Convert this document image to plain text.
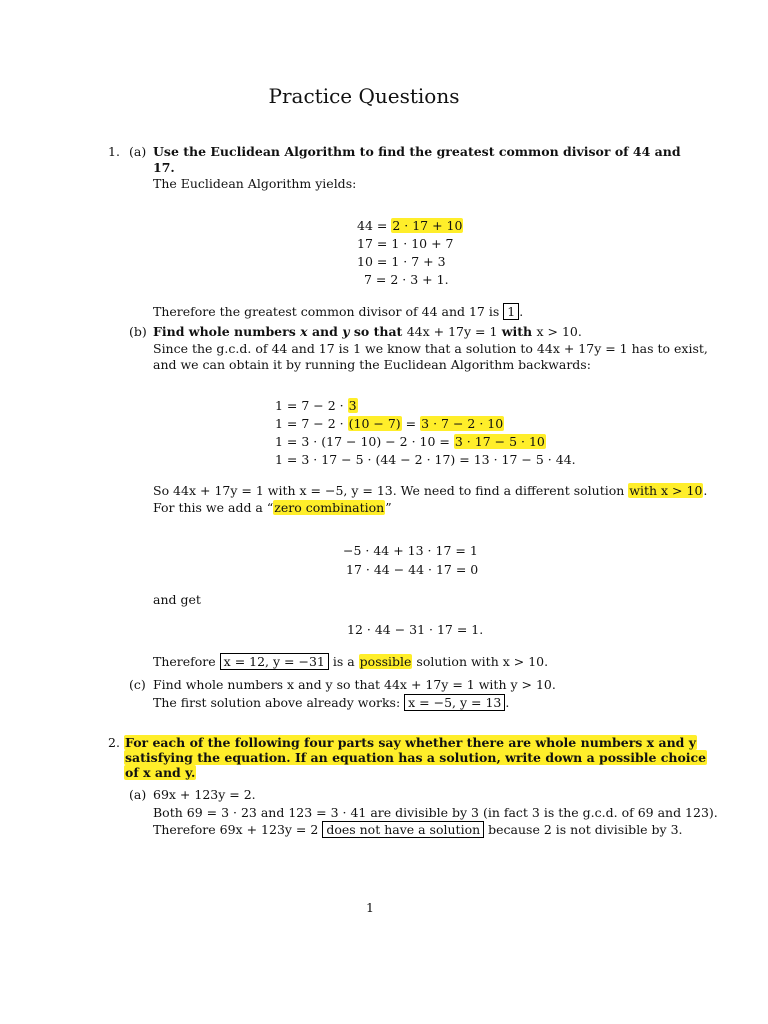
Practice Questions
1. (a) Use the Euclidean Algorithm to find the greatest common divisor of 44 and
17.
The Euclidean Algorithm yields:
44 = 2 · 17 + 10
17 = 1 · 10 + 7
10 = 1 · 7 + 3
7 = 2 · 3 + 1.
Therefore the greatest common divisor of 44 and 17 is 1 .
(b) Find whole numbers x and y so that 44x + 17y = 1 with x > 10.
Since the g.c.d. of 44 and 17 is 1 we know that a solution to 44x + 17y = 1 has to exist,
and we can obtain it by running the Euclidean Algorithm backwards:
1 = 7 − 2 · 3
1 = 7 − 2 · (10 − 7) = 3 · 7 − 2 · 10
1 = 3 · (17 − 10) − 2 · 10 = 3 · 17 − 5 · 10
1 = 3 · 17 − 5 · (44 − 2 · 17) = 13 · 17 − 5 · 44.
So 44x + 17y = 1 with x = −5, y = 13. We need to find a different solution with x > 10.
For this we add a “zero combination”
−5 · 44 + 13 · 17 = 1
17 · 44 − 44 · 17 = 0
and get
12 · 44 − 31 · 17 = 1.
Therefore x = 12, y = −31 is a possible solution with x > 10.
(c) Find whole numbers x and y so that 44x + 17y = 1 with y > 10.
The first solution above already works: x = −5, y = 13 .
2. For each of the following four parts say whether there are whole numbers x and y
satisfying the equation. If an equation has a solution, write down a possible choice
of x and y.
(a) 69x + 123y = 2.
Both 69 = 3 · 23 and 123 = 3 · 41 are divisible by 3 (in fact 3 is the g.c.d. of 69 and 123).
Therefore 69x + 123y = 2 does not have a solution because 2 is not divisible by 3.
1
